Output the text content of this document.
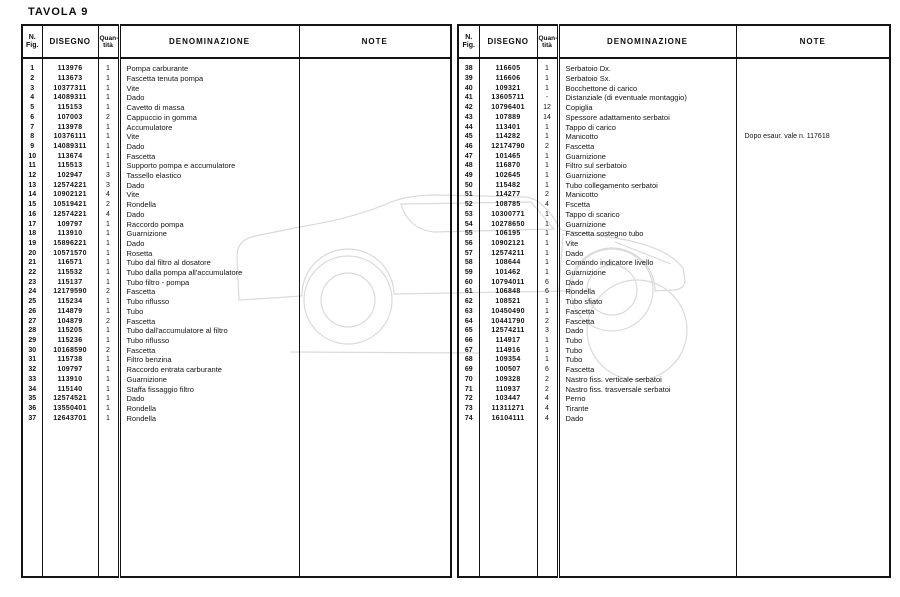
TAVOLA 9
N.
Fig.	DISEGNO	Quan-
tità	DENOMINAZIONE	NOTE
1	113976	1	Pompa carburante	
2	113673	1	Fascetta tenuta pompa	
3	10377311	1	Vite	
4	14089311	1	Dado	
5	115153	1	Cavetto di massa	
6	107003	2	Cappuccio in gomma	
7	113978	1	Accumulatore	
8	10376111	1	Vite	
9	14089311	1	Dado	
10	113674	1	Fascetta	
11	115513	1	Supporto pompa e accumulatore	
12	102947	3	Tassello elastico	
13	12574221	3	Dado	
14	10902121	4	Vite	
15	10519421	2	Rondella	
16	12574221	4	Dado	
17	109797	1	Raccordo pompa	
18	113910	1	Guarnizione	
19	15896221	1	Dado	
20	10571570	1	Rosetta	
21	116571	1	Tubo dal filtro al dosatore	
22	115532	1	Tubo dalla pompa all'accumulatore	
23	115137	1	Tubo filtro - pompa	
24	12179590	2	Fascetta	
25	115234	1	Tubo riflusso	
26	114879	1	Tubo	
27	104879	2	Fascetta	
28	115205	1	Tubo dall'accumulatore al filtro	
29	115236	1	Tubo riflusso	
30	10168590	2	Fascetta	
31	115738	1	Filtro benzina	
32	109797	1	Raccordo entrata carburante	
33	113910	1	Guarnizione	
34	115140	1	Staffa fissaggio filtro	
35	12574521	1	Dado	
36	13550401	1	Rondella	
37	12643701	1	Rondella	

N.
Fig.	DISEGNO	Quan-
tità	DENOMINAZIONE	NOTE
38	116605	1	Serbatoio Dx.	
39	116606	1	Serbatoio Sx.	
40	109321	1	Bocchettone di carico	
41	13605711	-	Distanziale (di eventuale montaggio)	
42	10796401	12	Copiglia	
43	107889	14	Spessore adattamento serbatoi	
44	113401	1	Tappo di carico	
45	114282	1	Manicotto	Dopo esaur. vale n. 117618
46	12174790	2	Fascetta	
47	101465	1	Guarnizione	
48	116870	1	Filtro sul serbatoio	
49	102645	1	Guarnizione	
50	115482	1	Tubo collegamento serbatoi	
51	114277	2	Manicotto	
52	108785	4	Fscetta	
53	10300771	1	Tappo di scarico	
54	10278650	1	Guarnizione	
55	106195	1	Fascetta sostegno tubo	
56	10902121	1	Vite	
57	12574211	1	Dado	
58	108644	1	Comando indicatore livello	
59	101462	1	Guarnizione	
60	10794011	6	Dado	
61	106848	6	Rondella	
62	108521	1	Tubo sfiato	
63	10450490	1	Fascetta	
64	10441790	2	Fascetta	
65	12574211	3	Dado	
66	114917	1	Tubo	
67	114916	1	Tubo	
68	109354	1	Tubo	
69	100507	6	Fascetta	
70	109328	2	Nastro fiss. verticale serbatoi	
71	110937	2	Nastro fiss. trasversale serbatoi	
72	103447	4	Perno	
73	11311271	4	Tirante	
74	16104111	4	Dado	
